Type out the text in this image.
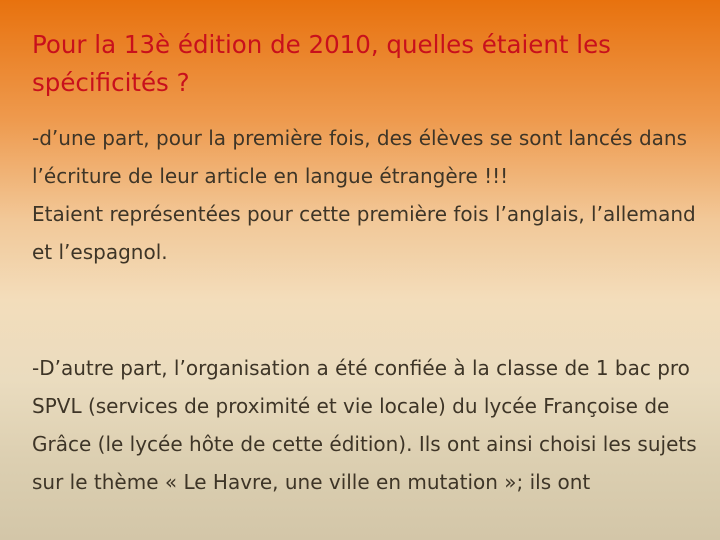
Pour la 13è édition de 2010, quelles étaient les spécificités ?
-d’une part, pour la première fois, des élèves se sont lancés dans l’écriture de leur article en langue étrangère !!!
Etaient représentées pour cette première fois l’anglais, l’allemand et l’espagnol.

-D’autre part, l’organisation a été confiée à la classe de 1 bac pro SPVL (services de proximité et vie locale) du lycée Françoise de Grâce (le lycée hôte de cette édition). Ils ont ainsi choisi les sujets sur le thème « Le Havre, une ville en mutation »; ils ont
